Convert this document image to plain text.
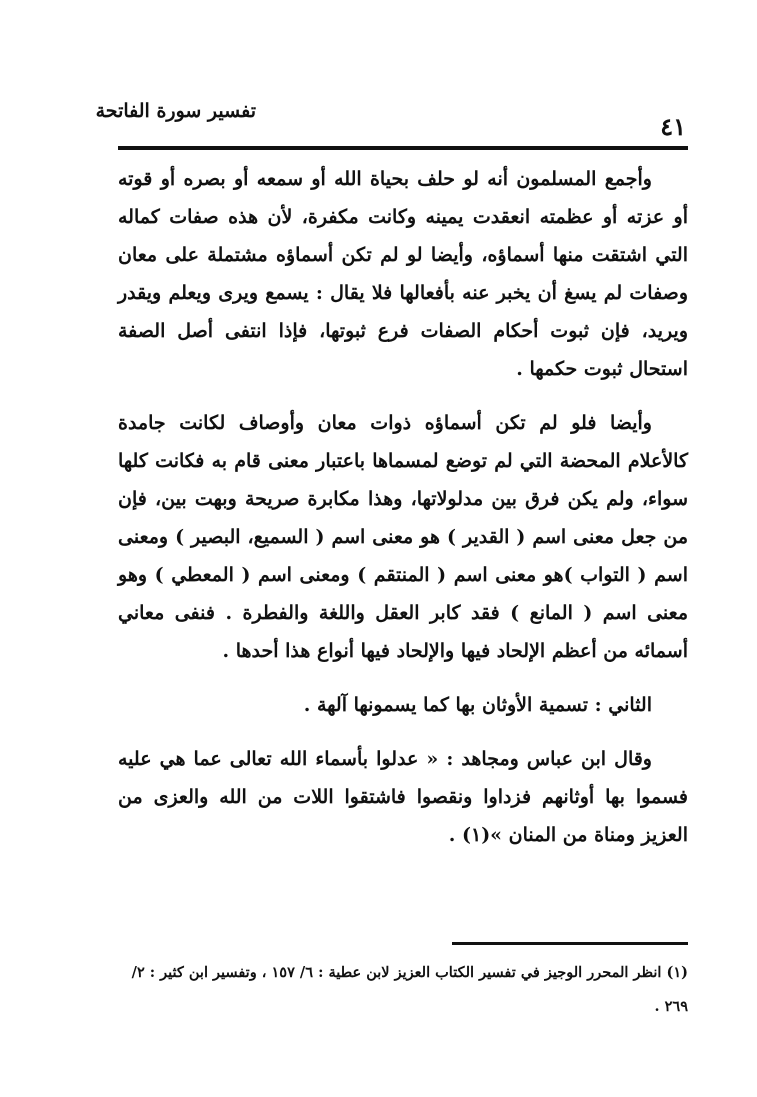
تفسير سورة الفاتحة
٤١

وأجمع المسلمون أنه لو حلف بحياة الله أو سمعه أو بصره أو قوته أو عزته أو عظمته انعقدت يمينه وكانت مكفرة، لأن هذه صفات كماله التي اشتقت منها أسماؤه، وأيضا لو لم تكن أسماؤه مشتملة على معان وصفات لم يسغ أن يخبر عنه بأفعالها فلا يقال : يسمع ويرى ويعلم ويقدر ويريد، فإن ثبوت أحكام الصفات فرع ثبوتها، فإذا انتفى أصل الصفة استحال ثبوت حكمها .

وأيضا فلو لم تكن أسماؤه ذوات معان وأوصاف لكانت جامدة كالأعلام المحضة التي لم توضع لمسماها باعتبار معنى قام به فكانت كلها سواء، ولم يكن فرق بين مدلولاتها، وهذا مكابرة صريحة وبهت بين، فإن من جعل معنى اسم ( القدير ) هو معنى اسم ( السميع، البصير ) ومعنى اسم ( التواب )هو معنى اسم ( المنتقم ) ومعنى اسم ( المعطي ) وهو معنى اسم ( المانع ) فقد كابر العقل واللغة والفطرة . فنفى معاني أسمائه من أعظم الإلحاد فيها والإلحاد فيها أنواع هذا أحدها .

الثاني : تسمية الأوثان بها كما يسمونها آلهة .

وقال ابن عباس ومجاهد : « عدلوا بأسماء الله تعالى عما هي عليه فسموا بها أوثانهم فزداوا ونقصوا فاشتقوا اللات من الله والعزى من العزيز ومناة من المنان »(١) .

(١) انظر المحرر الوجيز في تفسير الكتاب العزيز لابن عطية : ٦/ ١٥٧ ، وتفسير ابن كثير : ٢/ ٢٦٩ .
